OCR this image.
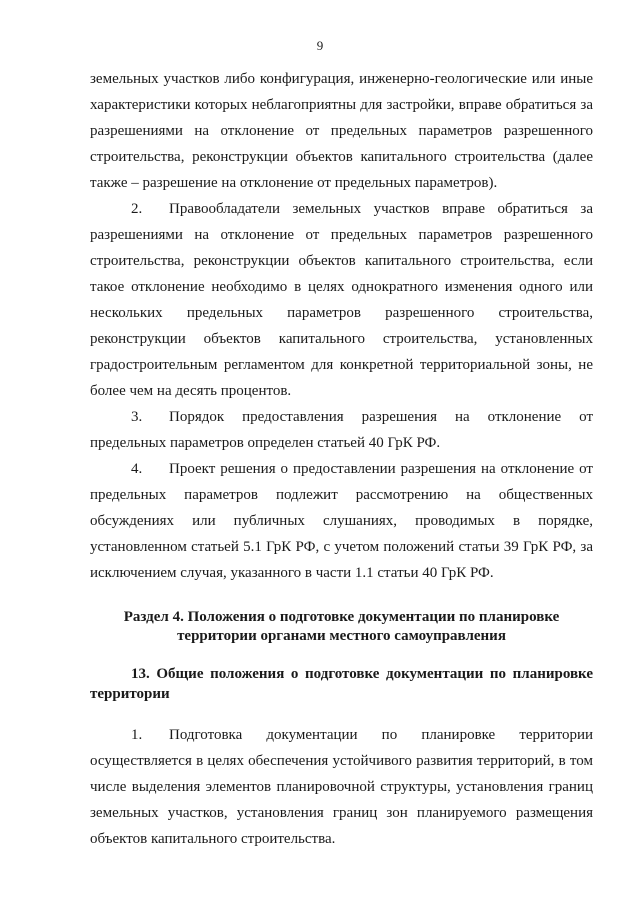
9

земельных участков либо конфигурация, инженерно-геологические или иные характеристики которых неблагоприятны для застройки, вправе обратиться за разрешениями на отклонение от предельных параметров разрешенного строительства, реконструкции объектов капитального строительства (далее также – разрешение на отклонение от предельных параметров).

2. Правообладатели земельных участков вправе обратиться за разрешениями на отклонение от предельных параметров разрешенного строительства, реконструкции объектов капитального строительства, если такое отклонение необходимо в целях однократного изменения одного или нескольких предельных параметров разрешенного строительства, реконструкции объектов капитального строительства, установленных градостроительным регламентом для конкретной территориальной зоны, не более чем на десять процентов.

3. Порядок предоставления разрешения на отклонение от предельных параметров определен статьей 40 ГрК РФ.

4. Проект решения о предоставлении разрешения на отклонение от предельных параметров подлежит рассмотрению на общественных обсуждениях или публичных слушаниях, проводимых в порядке, установленном статьей 5.1 ГрК РФ, с учетом положений статьи 39 ГрК РФ, за исключением случая, указанного в части 1.1 статьи 40 ГрК РФ.

Раздел 4. Положения о подготовке документации по планировке территории органами местного самоуправления
13. Общие положения о подготовке документации по планировке территории

1. Подготовка документации по планировке территории осуществляется в целях обеспечения устойчивого развития территорий, в том числе выделения элементов планировочной структуры, установления границ земельных участков, установления границ зон планируемого размещения объектов капитального строительства.
